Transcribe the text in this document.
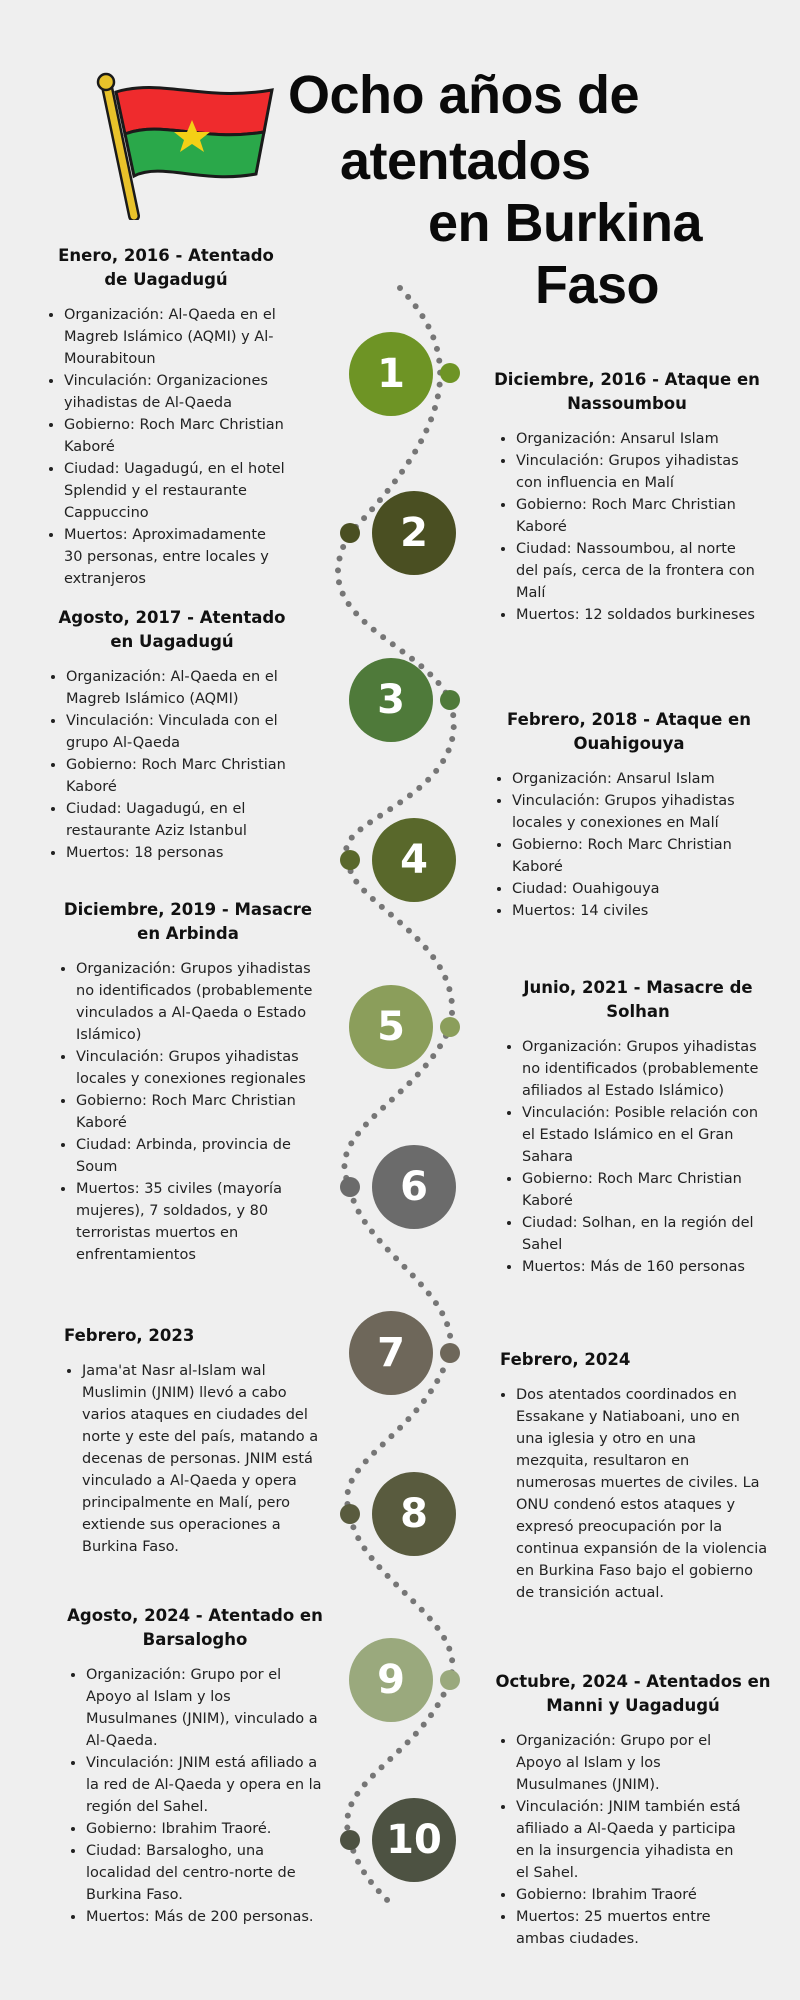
Ocho años de
atentados
en Burkina
Faso
1
2
3
4
5
6
7
8
9
10
Enero, 2016 - Atentado de Uagadugú
• Organización: Al-Qaeda en el Magreb Islámico (AQMI) y Al-Mourabitoun
• Vinculación: Organizaciones yihadistas de Al-Qaeda
• Gobierno: Roch Marc Christian Kaboré
• Ciudad: Uagadugú, en el hotel Splendid y el restaurante Cappuccino
• Muertos: Aproximadamente 30 personas, entre locales y extranjeros
Diciembre, 2016 - Ataque en Nassoumbou
• Organización: Ansarul Islam
• Vinculación: Grupos yihadistas con influencia en Malí
• Gobierno: Roch Marc Christian Kaboré
• Ciudad: Nassoumbou, al norte del país, cerca de la frontera con Malí
• Muertos: 12 soldados burkineses
Agosto, 2017 - Atentado en Uagadugú
• Organización: Al-Qaeda en el Magreb Islámico (AQMI)
• Vinculación: Vinculada con el grupo Al-Qaeda
• Gobierno: Roch Marc Christian Kaboré
• Ciudad: Uagadugú, en el restaurante Aziz Istanbul
• Muertos: 18 personas
Febrero, 2018 - Ataque en Ouahigouya
• Organización: Ansarul Islam
• Vinculación: Grupos yihadistas locales y conexiones en Malí
• Gobierno: Roch Marc Christian Kaboré
• Ciudad: Ouahigouya
• Muertos: 14 civiles
Diciembre, 2019 - Masacre en Arbinda
• Organización: Grupos yihadistas no identificados (probablemente vinculados a Al-Qaeda o Estado Islámico)
• Vinculación: Grupos yihadistas locales y conexiones regionales
• Gobierno: Roch Marc Christian Kaboré
• Ciudad: Arbinda, provincia de Soum
• Muertos: 35 civiles (mayoría mujeres), 7 soldados, y 80 terroristas muertos en enfrentamientos
Junio, 2021 - Masacre de Solhan
• Organización: Grupos yihadistas no identificados (probablemente afiliados al Estado Islámico)
• Vinculación: Posible relación con el Estado Islámico en el Gran Sahara
• Gobierno: Roch Marc Christian Kaboré
• Ciudad: Solhan, en la región del Sahel
• Muertos: Más de 160 personas
Febrero, 2023
• Jama'at Nasr al-Islam wal Muslimin (JNIM) llevó a cabo varios ataques en ciudades del norte y este del país, matando a decenas de personas. JNIM está vinculado a Al-Qaeda y opera principalmente en Malí, pero extiende sus operaciones a Burkina Faso.
Febrero, 2024
• Dos atentados coordinados en Essakane y Natiaboani, uno en una iglesia y otro en una mezquita, resultaron en numerosas muertes de civiles. La ONU condenó estos ataques y expresó preocupación por la continua expansión de la violencia en Burkina Faso bajo el gobierno de transición actual.
Agosto, 2024 - Atentado en Barsalogho
• Organización: Grupo por el Apoyo al Islam y los Musulmanes (JNIM), vinculado a Al-Qaeda.
• Vinculación: JNIM está afiliado a la red de Al-Qaeda y opera en la región del Sahel.
• Gobierno: Ibrahim Traoré.
• Ciudad: Barsalogho, una localidad del centro-norte de Burkina Faso.
• Muertos: Más de 200 personas.
Octubre, 2024 - Atentados en Manni y Uagadugú
• Organización: Grupo por el Apoyo al Islam y los Musulmanes (JNIM).
• Vinculación: JNIM también está afiliado a Al-Qaeda y participa en la insurgencia yihadista en el Sahel.
• Gobierno: Ibrahim Traoré
• Muertos: 25 muertos entre ambas ciudades.
